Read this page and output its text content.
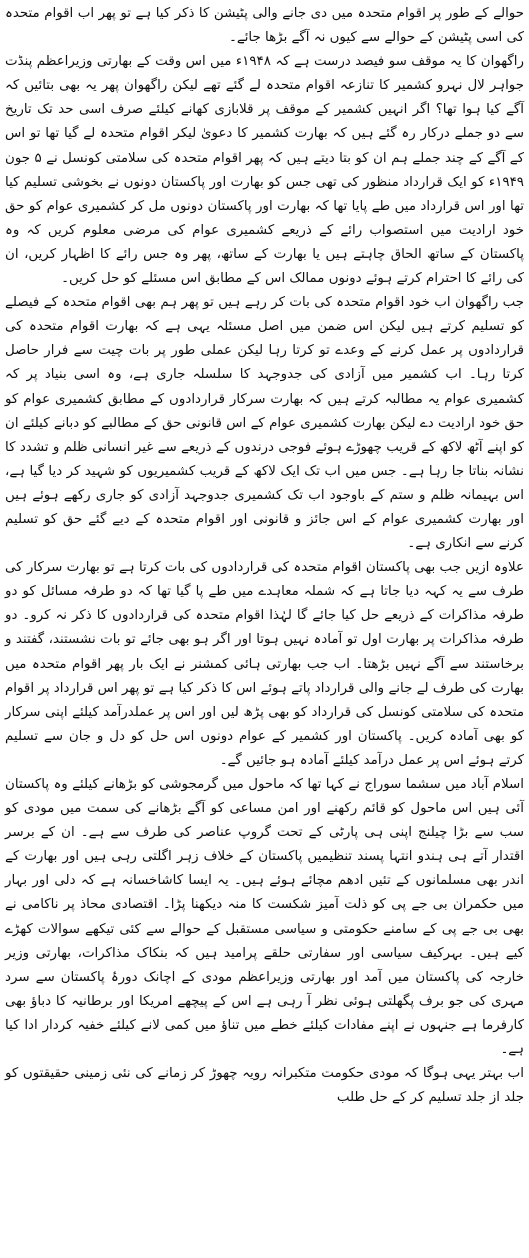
حوالے کے طور پر اقوام متحدہ میں دی جانے والی پٹیشن کا ذکر کیا ہے تو پھر اب اقوام متحدہ کی اسی پٹیشن کے حوالے سے کیوں نہ آگے بڑھا جائے۔

راگھوان کا یہ موقف سو فیصد درست ہے کہ ۱۹۴۸ء میں اس وقت کے بھارتی وزیراعظم پنڈت جواہر لال نہرو کشمیر کا تنازعہ اقوام متحدہ لے گئے تھے لیکن راگھوان پھر یہ بھی بتائیں کہ آگے کیا ہوا تھا؟ اگر انہیں کشمیر کے موقف پر قلابازی کھانے کیلئے صرف اسی حد تک تاریخ سے دو جملے درکار رہ گئے ہیں کہ بھارت کشمیر کا دعویٰ لیکر اقوام متحدہ لے گیا تھا تو اس کے آگے کے چند جملے ہم ان کو بتا دیتے ہیں کہ پھر اقوام متحدہ کی سلامتی کونسل نے ۵ جون ۱۹۴۹ء کو ایک قرارداد منظور کی تھی جس کو بھارت اور پاکستان دونوں نے بخوشی تسلیم کیا تھا اور اس قرارداد میں طے پایا تھا کہ بھارت اور پاکستان دونوں مل کر کشمیری عوام کو حق خود ارادیت میں استصواب رائے کے ذریعے کشمیری عوام کی مرضی معلوم کریں کہ وہ پاکستان کے ساتھ الحاق چاہتے ہیں یا بھارت کے ساتھ، پھر وہ جس رائے کا اظہار کریں، ان کی رائے کا احترام کرتے ہوئے دونوں ممالک اس کے مطابق اس مسئلے کو حل کریں۔

جب راگھوان اب خود اقوام متحدہ کی بات کر رہے ہیں تو پھر ہم بھی اقوام متحدہ کے فیصلے کو تسلیم کرتے ہیں لیکن اس ضمن میں اصل مسئلہ یہی ہے کہ بھارت اقوام متحدہ کی قراردادوں پر عمل کرنے کے وعدے تو کرتا رہا لیکن عملی طور پر بات چیت سے فرار حاصل کرتا رہا۔ اب کشمیر میں آزادی کی جدوجہد کا سلسلہ جاری ہے، وہ اسی بنیاد پر کہ کشمیری عوام یہ مطالبہ کرتے ہیں کہ بھارت سرکار قراردادوں کے مطابق کشمیری عوام کو حق خود ارادیت دے لیکن بھارت کشمیری عوام کے اس قانونی حق کے مطالبے کو دبانے کیلئے ان کو اپنے آٹھ لاکھ کے قریب چھوڑے ہوئے فوجی درندوں کے ذریعے سے غیر انسانی ظلم و تشدد کا نشانہ بناتا جا رہا ہے۔ جس میں اب تک ایک لاکھ کے قریب کشمیریوں کو شہید کر دیا گیا ہے، اس بہیمانہ ظلم و ستم کے باوجود اب تک کشمیری جدوجہد آزادی کو جاری رکھے ہوئے ہیں اور بھارت کشمیری عوام کے اس جائز و قانونی اور اقوام متحدہ کے دیے گئے حق کو تسلیم کرنے سے انکاری ہے۔

علاوہ ازیں جب بھی پاکستان اقوام متحدہ کی قراردادوں کی بات کرتا ہے تو بھارت سرکار کی طرف سے یہ کہہ دیا جاتا ہے کہ شملہ معاہدے میں طے پا گیا تھا کہ دو طرفہ مسائل کو دو طرفہ مذاکرات کے ذریعے حل کیا جائے گا لہٰذا اقوام متحدہ کی قراردادوں کا ذکر نہ کرو۔ دو طرفہ مذاکرات پر بھارت اول تو آمادہ نہیں ہوتا اور اگر ہو بھی جائے تو بات نشستند، گفتند و برخاستند سے آگے نہیں بڑھتا۔ اب جب بھارتی ہائی کمشنر نے ایک بار پھر اقوام متحدہ میں بھارت کی طرف لے جانے والی قرارداد پاتے ہوئے اس کا ذکر کیا ہے تو پھر اس قرارداد پر اقوام متحدہ کی سلامتی کونسل کی قرارداد کو بھی پڑھ لیں اور اس پر عملدرآمد کیلئے اپنی سرکار کو بھی آمادہ کریں۔ پاکستان اور کشمیر کے عوام دونوں اس حل کو دل و جان سے تسلیم کرتے ہوئے اس پر عمل درآمد کیلئے آمادہ ہو جائیں گے۔

اسلام آباد میں سشما سوراج نے کہا تھا کہ ماحول میں گرمجوشی کو بڑھانے کیلئے وہ پاکستان آئی ہیں اس ماحول کو قائم رکھنے اور امن مساعی کو آگے بڑھانے کی سمت میں مودی کو سب سے بڑا چیلنج اپنی ہی پارٹی کے تحت گروپ عناصر کی طرف سے ہے۔ ان کے برسر اقتدار آتے ہی ہندو انتہا پسند تنظیمیں پاکستان کے خلاف زہر اگلتی رہی ہیں اور بھارت کے اندر بھی مسلمانوں کے تئیں ادھم مچائے ہوئے ہیں۔ یہ ایسا کاشاخسانہ ہے کہ دلی اور بہار میں حکمران بی جے پی کو ذلت آمیز شکست کا منہ دیکھنا پڑا۔ اقتصادی محاذ پر ناکامی نے بھی بی جے پی کے سامنے حکومتی و سیاسی مستقبل کے حوالے سے کئی تیکھے سوالات کھڑے کیے ہیں۔ بہرکیف سیاسی اور سفارتی حلقے پرامید ہیں کہ بنکاک مذاکرات، بھارتی وزیر خارجہ کی پاکستان میں آمد اور بھارتی وزیراعظم مودی کے اچانک دورۂ پاکستان سے سرد مہری کی جو برف پگھلتی ہوئی نظر آ رہی ہے اس کے پیچھے امریکا اور برطانیہ کا دباؤ بھی کارفرما ہے جنہوں نے اپنے مفادات کیلئے خطے میں تناؤ میں کمی لانے کیلئے خفیہ کردار ادا کیا ہے۔

اب بہتر یہی ہوگا کہ مودی حکومت متکبرانہ رویہ چھوڑ کر زمانے کی نئی زمینی حقیقتوں کو جلد از جلد تسلیم کر کے حل طلب
